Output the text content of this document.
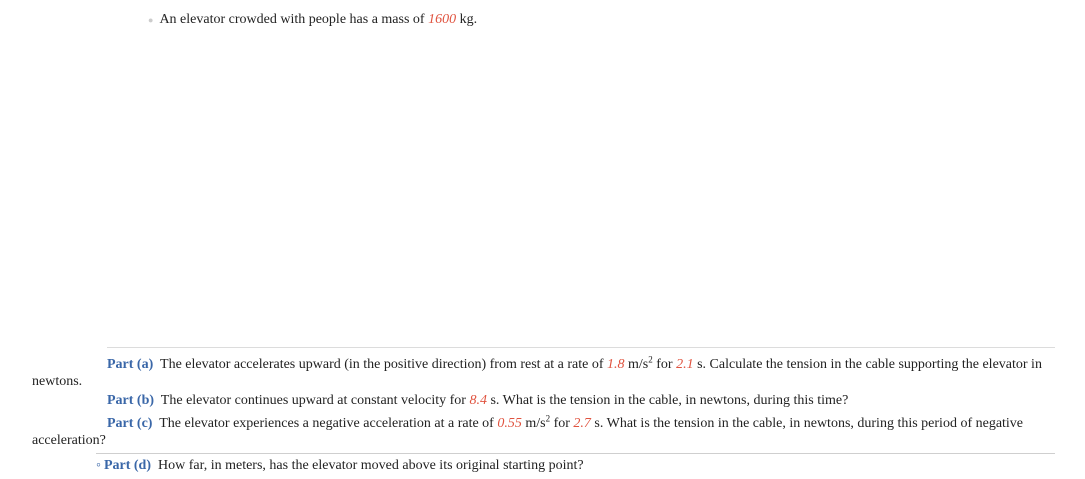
● An elevator crowded with people has a mass of 1600 kg.
Part (a) The elevator accelerates upward (in the positive direction) from rest at a rate of 1.8 $m/s^2$ for 2.1 s. Calculate the tension in the cable supporting the elevator in newtons.
Part (b) The elevator continues upward at constant velocity for 8.4 s. What is the tension in the cable, in newtons, during this time?
Part (c) The elevator experiences a negative acceleration at a rate of 0.55 $m/s^2$ for 2.7 s. What is the tension in the cable, in newtons, during this period of negative acceleration?
◦ Part (d) How far, in meters, has the elevator moved above its original starting point?
